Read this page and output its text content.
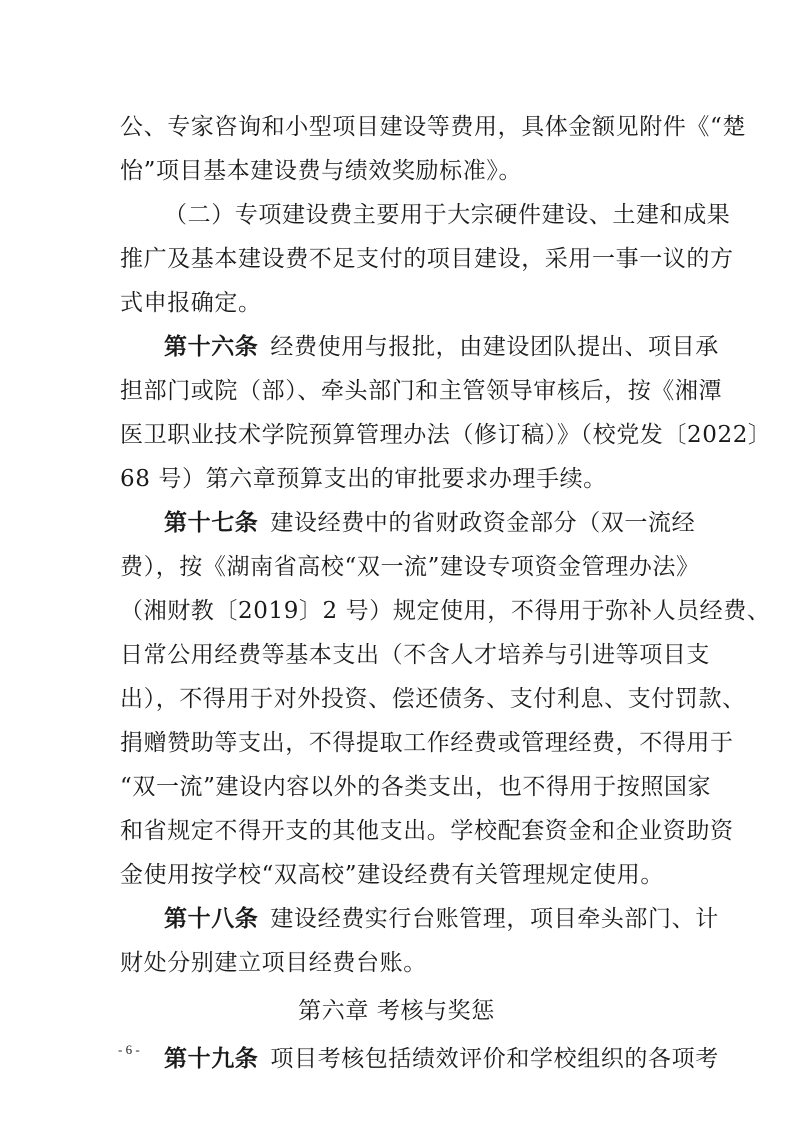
公、专家咨询和小型项目建设等费用，具体金额见附件《“楚
怡”项目基本建设费与绩效奖励标准》。
（二）专项建设费主要用于大宗硬件建设、土建和成果
推广及基本建设费不足支付的项目建设，采用一事一议的方
式申报确定。
第十六条 经费使用与报批，由建设团队提出、项目承
担部门或院（部）、牵头部门和主管领导审核后，按《湘潭
医卫职业技术学院预算管理办法（修订稿）》（校党发〔2022〕
68 号）第六章预算支出的审批要求办理手续。
第十七条 建设经费中的省财政资金部分（双一流经
费），按《湖南省高校“双一流”建设专项资金管理办法》
（湘财教〔2019〕2 号）规定使用，不得用于弥补人员经费、
日常公用经费等基本支出（不含人才培养与引进等项目支
出），不得用于对外投资、偿还债务、支付利息、支付罚款、
捐赠赞助等支出，不得提取工作经费或管理经费，不得用于
“双一流”建设内容以外的各类支出，也不得用于按照国家
和省规定不得开支的其他支出。学校配套资金和企业资助资
金使用按学校“双高校”建设经费有关管理规定使用。
第十八条 建设经费实行台账管理，项目牵头部门、计
财处分别建立项目经费台账。
第六章 考核与奖惩
第十九条 项目考核包括绩效评价和学校组织的各项考
- 6 -
